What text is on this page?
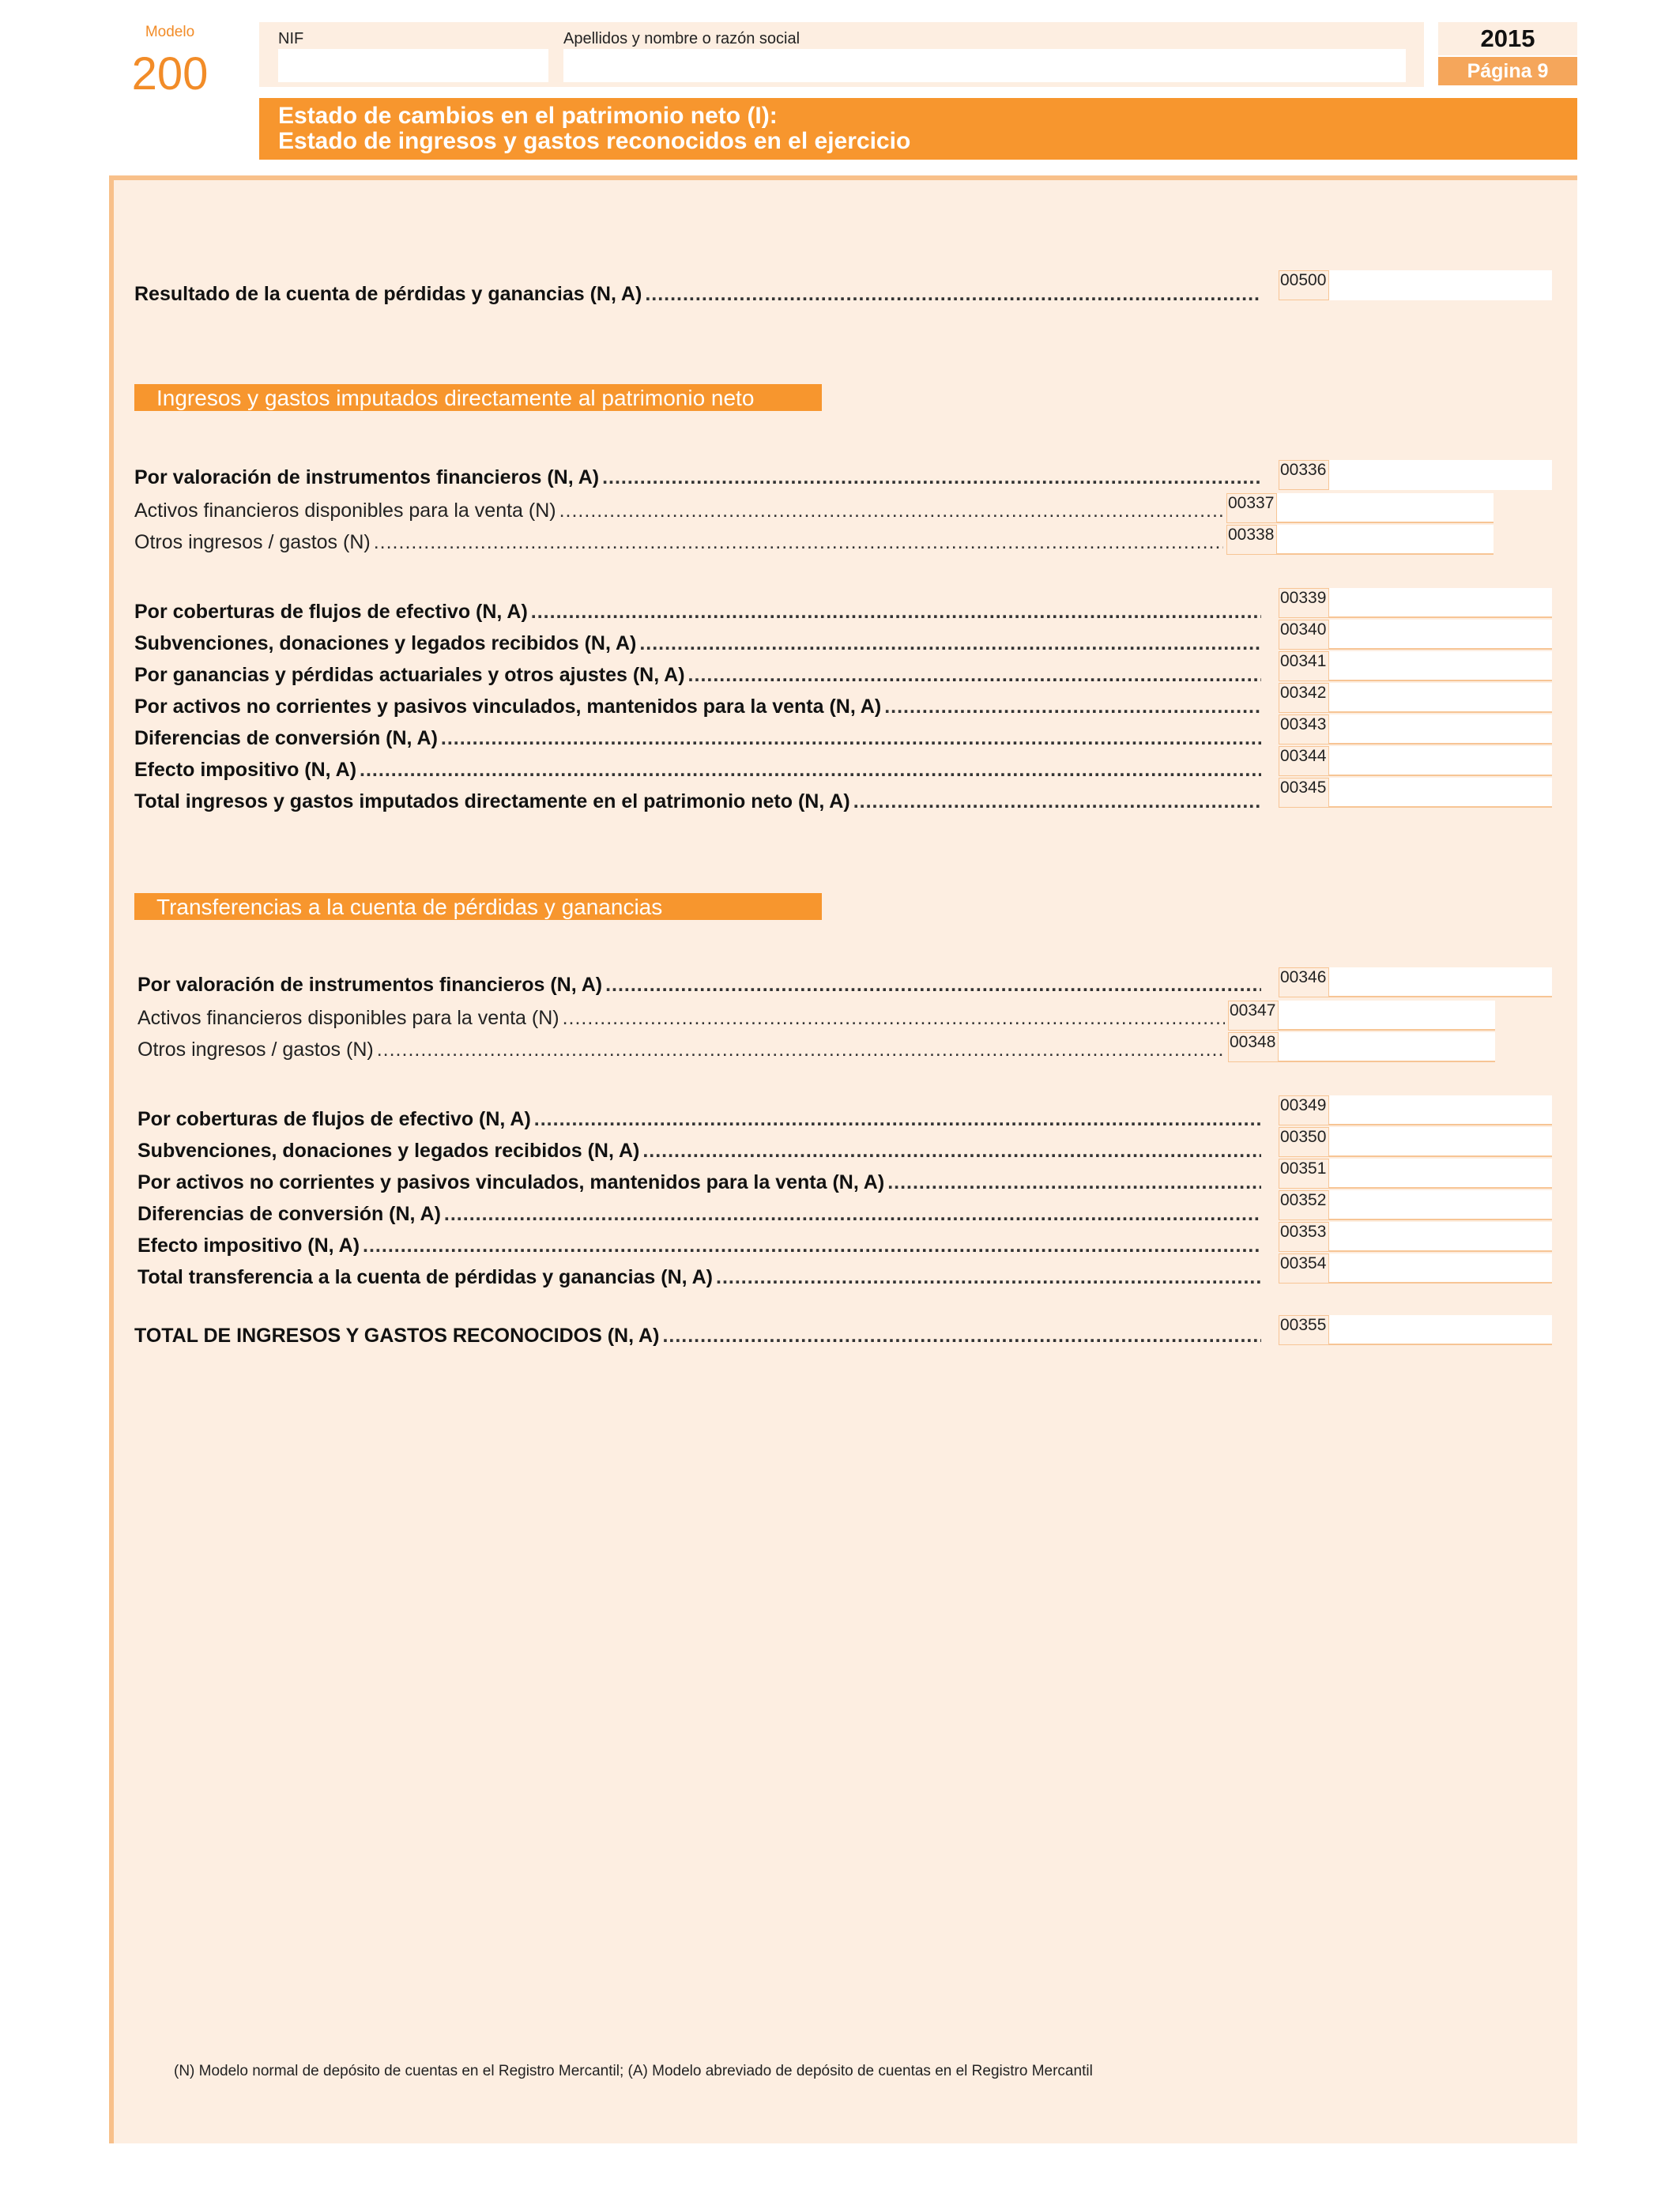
Modelo
200
NIF	Apellidos y nombre o razón social	2015
Página 9
Estado de cambios en el patrimonio neto (I):
Estado de ingresos y gastos reconocidos en el ejercicio
Resultado de la cuenta de pérdidas y ganancias (N, A)
.....
00500
Ingresos y gastos imputados directamente al patrimonio neto
Por valoración de instrumentos financieros (N, A) .....	00336
Activos financieros disponibles para la venta (N) .....	00337
Otros ingresos / gastos (N) .....	00338
Por coberturas de flujos de efectivo (N, A)
.....
00339
Subvenciones, donaciones y legados recibidos (N, A)
.....
00340
Por ganancias y pérdidas actuariales y otros ajustes (N, A)
.....
00341
Por activos no corrientes y pasivos vinculados, mantenidos para la venta (N, A)
.....
00342
Diferencias de conversión (N, A)
.....
00343
Efecto impositivo (N, A)
.....
00344
Total ingresos y gastos imputados directamente en el patrimonio neto (N, A)
.....
00345
Transferencias a la cuenta de pérdidas y ganancias
Por valoración de instrumentos financieros (N, A) .....	00346
Activos financieros disponibles para la venta (N) .....	00347
Otros ingresos / gastos (N) .....	00348
Por coberturas de flujos de efectivo (N, A)
.....
00349
Subvenciones, donaciones y legados recibidos (N, A)
.....
00350
Por activos no corrientes y pasivos vinculados, mantenidos para la venta (N, A)
.....
00351
Diferencias de conversión (N, A)
.....
00352
Efecto impositivo (N, A)
.....
00353
Total transferencia a la cuenta de pérdidas y ganancias (N, A)
.....
00354
TOTAL DE INGRESOS Y GASTOS RECONOCIDOS (N, A) .....	00355
(N) Modelo normal de depósito de cuentas en el Registro Mercantil; (A) Modelo abreviado de depósito de cuentas en el Registro Mercantil
